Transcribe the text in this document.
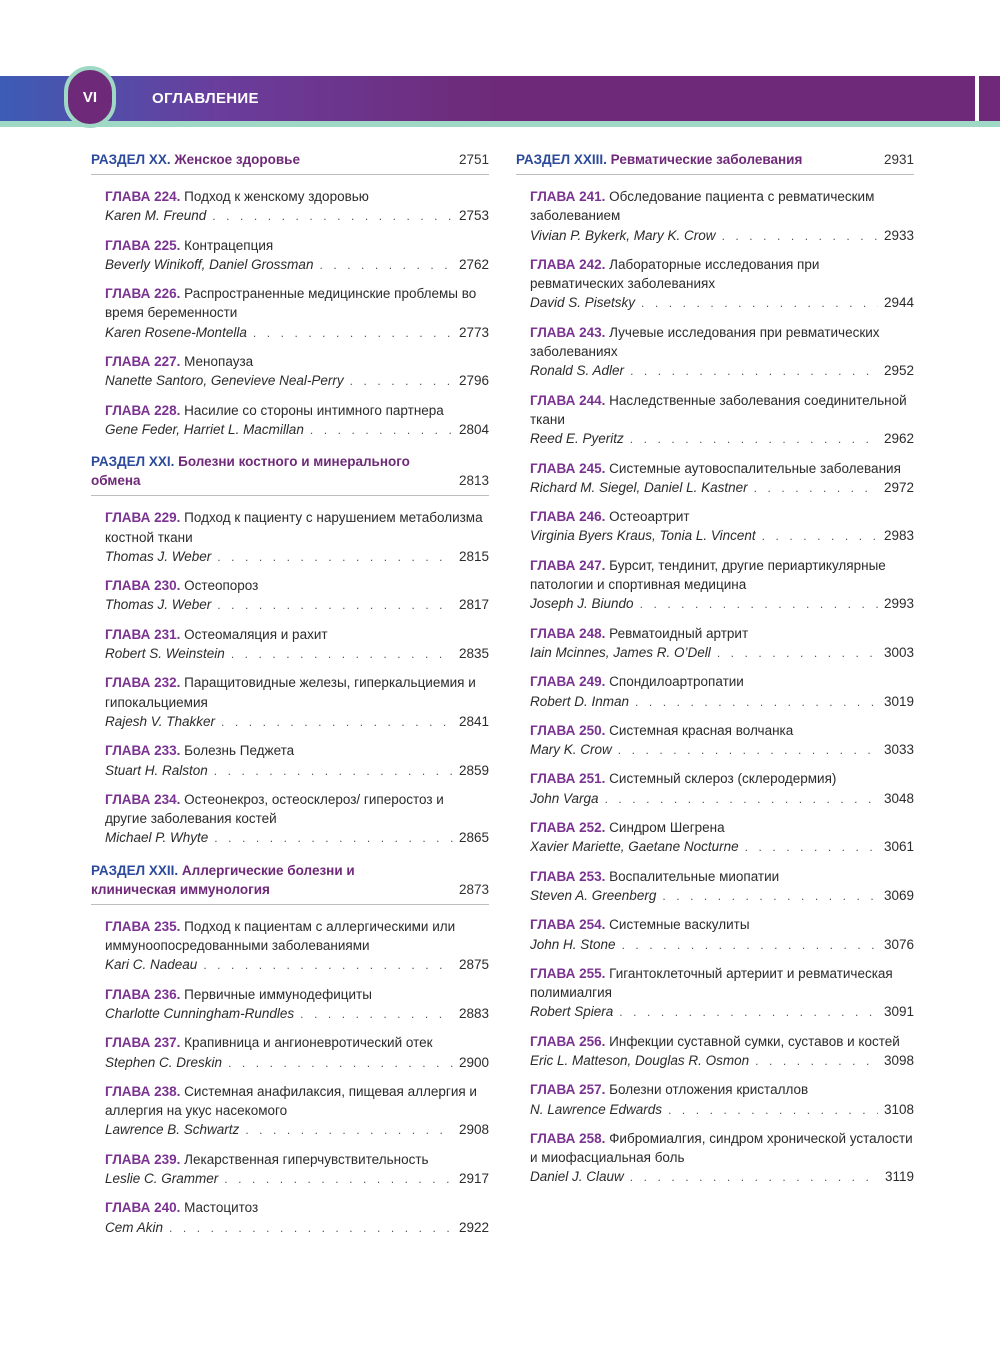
VI	ОГЛАВЛЕНИЕ
РАЗДЕЛ XX. Женское здоровье	2751
ГЛАВА 224. Подход к женскому здоровью
Karen M. Freund . . .	2753
ГЛАВА 225. Контрацепция
Beverly Winikoff, Daniel Grossman . . .	2762
ГЛАВА 226. Распространенные медицинские проблемы во время беременности
Karen Rosene-Montella . . .	2773
ГЛАВА 227. Менопауза
Nanette Santoro, Genevieve Neal-Perry . . .	2796
ГЛАВА 228. Насилие со стороны интимного партнера
Gene Feder, Harriet L. Macmillan . . .	2804
РАЗДЕЛ XXI. Болезни костного и минерального обмена	2813
ГЛАВА 229. Подход к пациенту с нарушением метаболизма костной ткани
Thomas J. Weber . . .	2815
ГЛАВА 230. Остеопороз
Thomas J. Weber . . .	2817
ГЛАВА 231. Остеомаляция и рахит
Robert S. Weinstein . . .	2835
ГЛАВА 232. Паращитовидные железы, гиперкальциемия и гипокальциемия
Rajesh V. Thakker . . .	2841
ГЛАВА 233. Болезнь Педжета
Stuart H. Ralston . . .	2859
ГЛАВА 234. Остеонекроз, остеосклероз/ гиперостоз и другие заболевания костей
Michael P. Whyte . . .	2865
РАЗДЕЛ XXII. Аллергические болезни и клиническая иммунология	2873
ГЛАВА 235. Подход к пациентам с аллергическими или иммуноопосредованными заболеваниями
Kari C. Nadeau . . .	2875
ГЛАВА 236. Первичные иммунодефициты
Charlotte Cunningham-Rundles . . .	2883
ГЛАВА 237. Крапивница и ангионевротический отек
Stephen C. Dreskin . . .	2900
ГЛАВА 238. Системная анафилаксия, пищевая аллергия и аллергия на укус насекомого
Lawrence B. Schwartz . . .	2908
ГЛАВА 239. Лекарственная гиперчувствительность
Leslie C. Grammer . . .	2917
ГЛАВА 240. Мастоцитоз
Cem Akin . . .	2922
РАЗДЕЛ XXIII. Ревматические заболевания	2931
ГЛАВА 241. Обследование пациента с ревматическим заболеванием
Vivian P. Bykerk, Mary K. Crow . . .	2933
ГЛАВА 242. Лабораторные исследования при ревматических заболеваниях
David S. Pisetsky . . .	2944
ГЛАВА 243. Лучевые исследования при ревматических заболеваниях
Ronald S. Adler . . .	2952
ГЛАВА 244. Наследственные заболевания соединительной ткани
Reed E. Pyeritz . . .	2962
ГЛАВА 245. Системные аутовоспалительные заболевания
Richard M. Siegel, Daniel L. Kastner . . .	2972
ГЛАВА 246. Остеоартрит
Virginia Byers Kraus, Tonia L. Vincent . . .	2983
ГЛАВА 247. Бурсит, тендинит, другие периартикулярные патологии и спортивная медицина
Joseph J. Biundo . . .	2993
ГЛАВА 248. Ревматоидный артрит
Iain Mcinnes, James R. O’Dell . . .	3003
ГЛАВА 249. Спондилоартропатии
Robert D. Inman . . .	3019
ГЛАВА 250. Системная красная волчанка
Mary K. Crow . . .	3033
ГЛАВА 251. Системный склероз (склеродермия)
John Varga . . .	3048
ГЛАВА 252. Синдром Шегрена
Xavier Mariette, Gaetane Nocturne . . .	3061
ГЛАВА 253. Воспалительные миопатии
Steven A. Greenberg . . .	3069
ГЛАВА 254. Системные васкулиты
John H. Stone . . .	3076
ГЛАВА 255. Гигантоклеточный артериит и ревматическая полимиалгия
Robert Spiera . . .	3091
ГЛАВА 256. Инфекции суставной сумки, суставов и костей
Eric L. Matteson, Douglas R. Osmon . . .	3098
ГЛАВА 257. Болезни отложения кристаллов
N. Lawrence Edwards . . .	3108
ГЛАВА 258. Фибромиалгия, синдром хронической усталости и миофасциальная боль
Daniel J. Clauw . . .	3119
